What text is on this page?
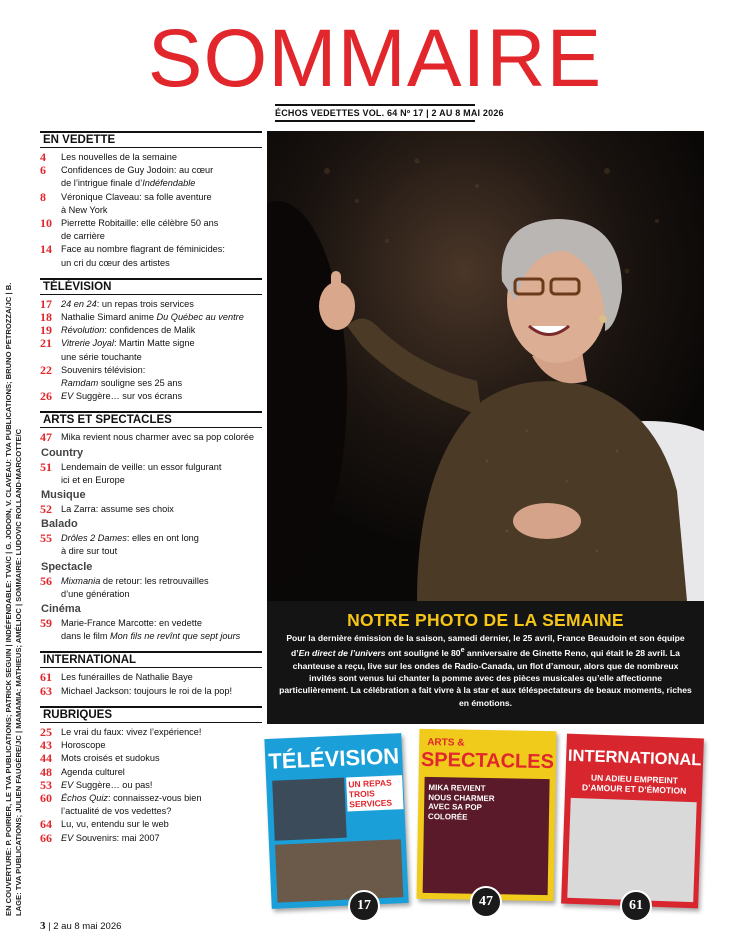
SOMMAIRE
ÉCHOS VEDETTES VOL. 64 Nº 17 | 2 AU 8 MAI 2026
EN COUVERTURE: P. POIRIER, LE TVA PUBLICATIONS; PATRICK SEGUIN | INDÉFENDABLE: TVA/C | G. JODOIN, V. CLAVEAU: TVA PUBLICATIONS; BRUNO PETROZZA/JC | B. LAGE: TVA PUBLICATIONS; JULIEN FAUGÈRE/JC | MAMAMIA: MATHIEUS; AMÉLIOC | SOMMAIRE: LUDOVIC ROLLAND-MARCOTTE/C
EN VEDETTE
4	Les nouvelles de la semaine
6	Confidences de Guy Jodoin: au cœur
de l’intrigue finale d’Indéfendable
8	Véronique Claveau: sa folle aventure
à New York
10 Pierrette Robitaille: elle célèbre 50 ans
de carrière
14 Face au nombre flagrant de féminicides:
un cri du cœur des artistes
TÉLÉVISION
17 24 en 24: un repas trois services
18 Nathalie Simard anime Du Québec au ventre
19 Révolution: confidences de Malik
21 Vitrerie Joyal: Martin Matte signe
une série touchante
22 Souvenirs télévision:
Ramdam souligne ses 25 ans
26 EV Suggère… sur vos écrans
ARTS ET SPECTACLES
47 Mika revient nous charmer avec sa pop colorée
Country
51 Lendemain de veille: un essor fulgurant
ici et en Europe
Musique
52 La Zarra: assume ses choix
Balado
55 Drôles 2 Dames: elles en ont long
à dire sur tout
Spectacle
56 Mixmania de retour: les retrouvailles
d’une génération
Cinéma
59 Marie-France Marcotte: en vedette
dans le film Mon fils ne revînt que sept jours
INTERNATIONAL
61 Les funérailles de Nathalie Baye
63 Michael Jackson: toujours le roi de la pop!
RUBRIQUES
25 Le vrai du faux: vivez l’expérience!
43 Horoscope
44 Mots croisés et sudokus
48 Agenda culturel
53 EV Suggère… ou pas!
60 Échos Quiz: connaissez-vous bien
l’actualité de vos vedettes?
64 Lu, vu, entendu sur le web
66 EV Souvenirs: mai 2007
NOTRE PHOTO DE LA SEMAINE
Pour la dernière émission de la saison, samedi dernier, le 25 avril, France Beaudoin et son équipe d’En direct de l’univers ont souligné le 80e anniversaire de Ginette Reno, qui était le 28 avril. La chanteuse a reçu, live sur les ondes de Radio-Canada, un flot d’amour, alors que de nombreux invités sont venus lui chanter la pomme avec des pièces musicales qu’elle affectionne particulièrement. La célébration a fait vivre à la star et aux téléspectateurs de beaux moments, riches en émotions.
TÉLÉVISION
UN REPAS TROIS SERVICES
ARTS &
SPECTACLES
MIKA REVIENT NOUS CHARMER AVEC SA POP COLORÉE
INTERNATIONAL
UN ADIEU EMPREINT D’AMOUR ET D’ÉMOTION
17	47	61
3 | 2 au 8 mai 2026
